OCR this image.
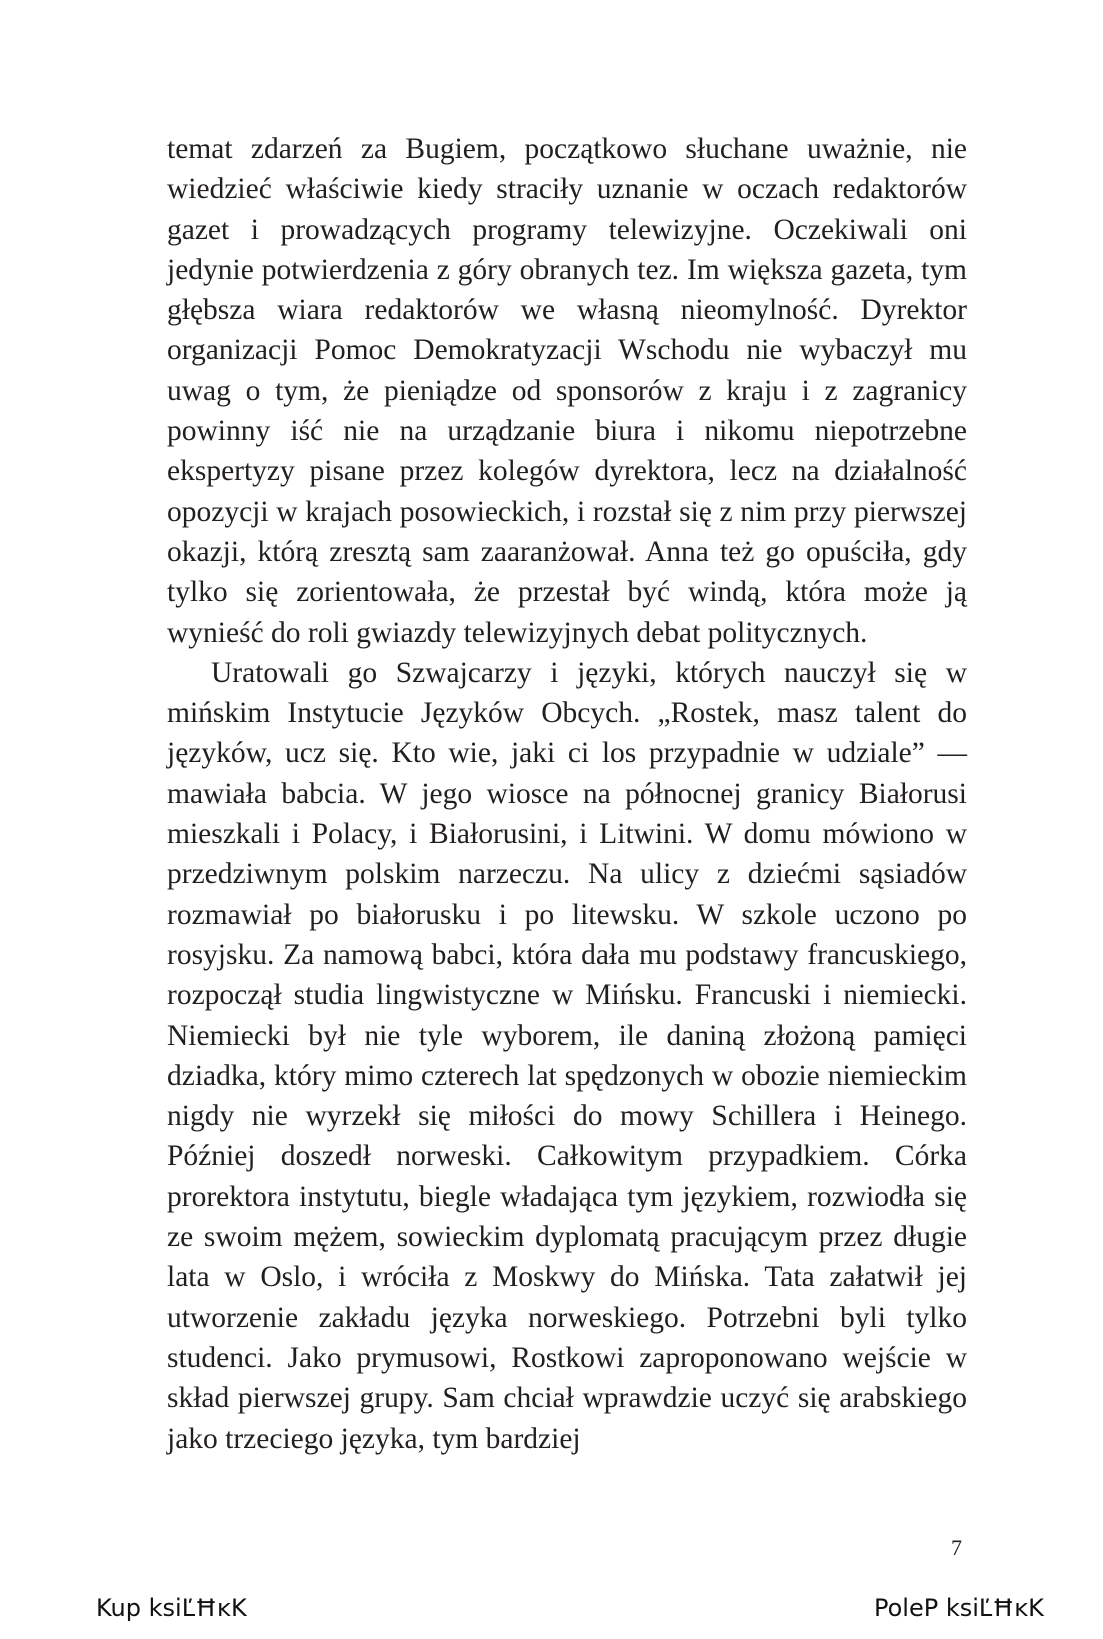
temat zdarzeń za Bugiem, początkowo słuchane uważnie, nie wiedzieć właściwie kiedy straciły uznanie w oczach redaktorów gazet i prowadzących programy telewizyjne. Oczekiwali oni jedynie potwierdzenia z góry obranych tez. Im większa gazeta, tym głębsza wiara redaktorów we własną nieomylność. Dyrektor organizacji Pomoc Demokratyzacji Wschodu nie wybaczył mu uwag o tym, że pieniądze od sponsorów z kraju i z zagranicy powinny iść nie na urządzanie biura i nikomu niepotrzebne ekspertyzy pisane przez kolegów dyrektora, lecz na działalność opozycji w krajach posowieckich, i rozstał się z nim przy pierwszej okazji, którą zresztą sam zaaranżował. Anna też go opuściła, gdy tylko się zorientowała, że przestał być windą, która może ją wynieść do roli gwiazdy telewizyjnych debat politycznych.

Uratowali go Szwajcarzy i języki, których nauczył się w mińskim Instytucie Języków Obcych. „Rostek, masz talent do języków, ucz się. Kto wie, jaki ci los przypadnie w udziale” — mawiała babcia. W jego wiosce na północnej granicy Białorusi mieszkali i Polacy, i Białorusini, i Litwini. W domu mówiono w przedziwnym polskim narzeczu. Na ulicy z dziećmi sąsiadów rozmawiał po białorusku i po litewsku. W szkole uczono po rosyjsku. Za namową babci, która dała mu podstawy francuskiego, rozpoczął studia lingwistyczne w Mińsku. Francuski i niemiecki. Niemiecki był nie tyle wyborem, ile daniną złożoną pamięci dziadka, który mimo czterech lat spędzonych w obozie niemieckim nigdy nie wyrzekł się miłości do mowy Schillera i Heinego. Później doszedł norweski. Całkowitym przypadkiem. Córka prorektora instytutu, biegle władająca tym językiem, rozwiodła się ze swoim mężem, sowieckim dyplomatą pracującym przez długie lata w Oslo, i wróciła z Moskwy do Mińska. Tata załatwił jej utworzenie zakładu języka norweskiego. Potrzebni byli tylko studenci. Jako prymusowi, Rostkowi zaproponowano wejście w skład pierwszej grupy. Sam chciał wprawdzie uczyć się arabskiego jako trzeciego języka, tym bardziej

7
Kup ksiĽĦĸK	PoleP ksiĽĦĸK
